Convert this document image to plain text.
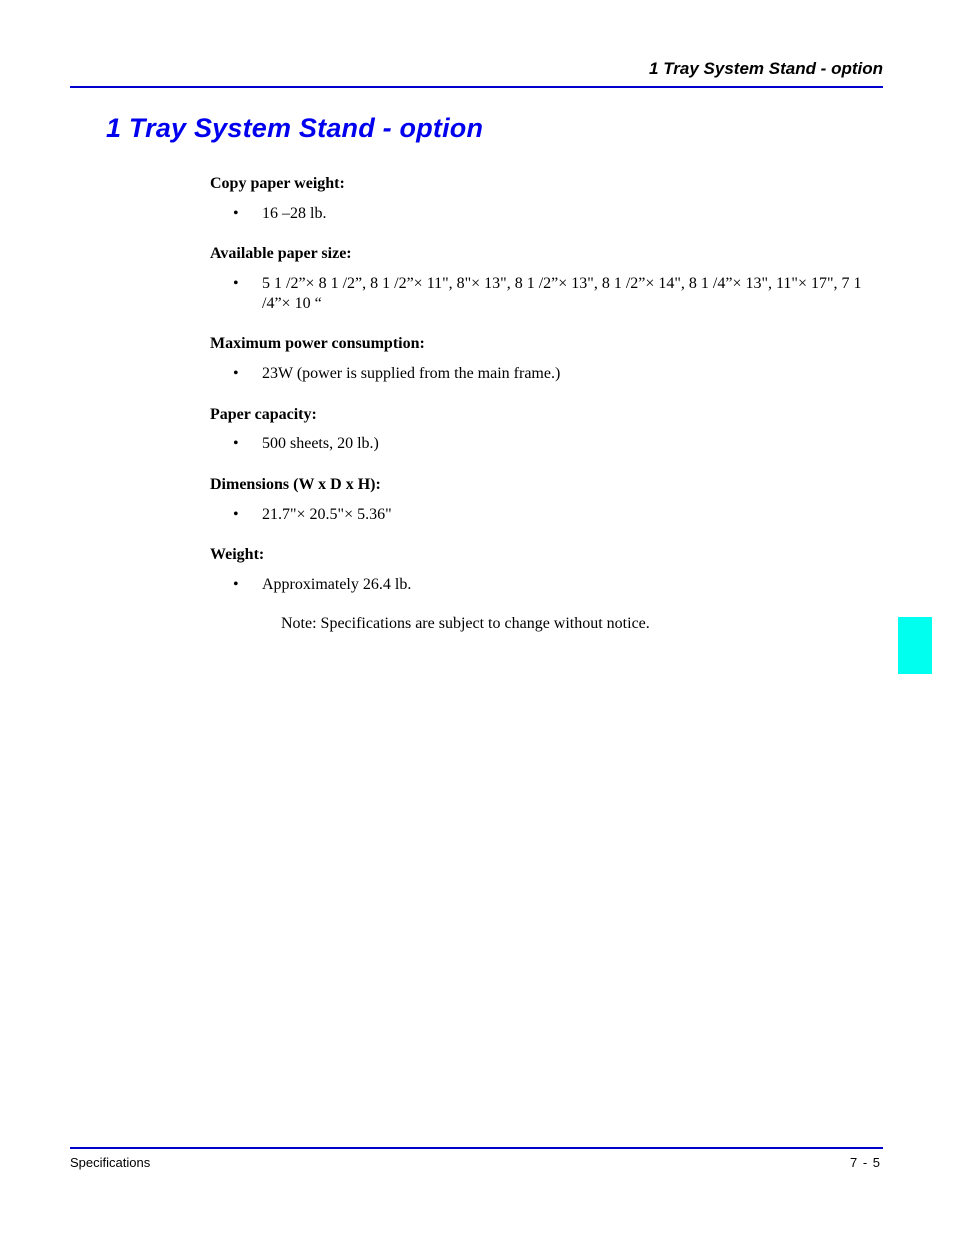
1 Tray System Stand - option
1 Tray System Stand - option

Copy paper weight:

• 16 –28 lb.

Available paper size:

• 5 1 /2”× 8 1 /2”, 8 1 /2”× 11", 8"× 13", 8 1 /2”× 13", 8 1 /2”× 14", 8 1 /4”× 13", 11"× 17", 7 1 /4”× 10 “

Maximum power consumption:

• 23W (power is supplied from the main frame.)

Paper capacity:

• 500 sheets, 20 lb.)

Dimensions (W x D x H):

• 21.7"× 20.5"× 5.36"

Weight:

• Approximately 26.4 lb.
Note: Specifications are subject to change without notice.
Specifications	7 - 5
